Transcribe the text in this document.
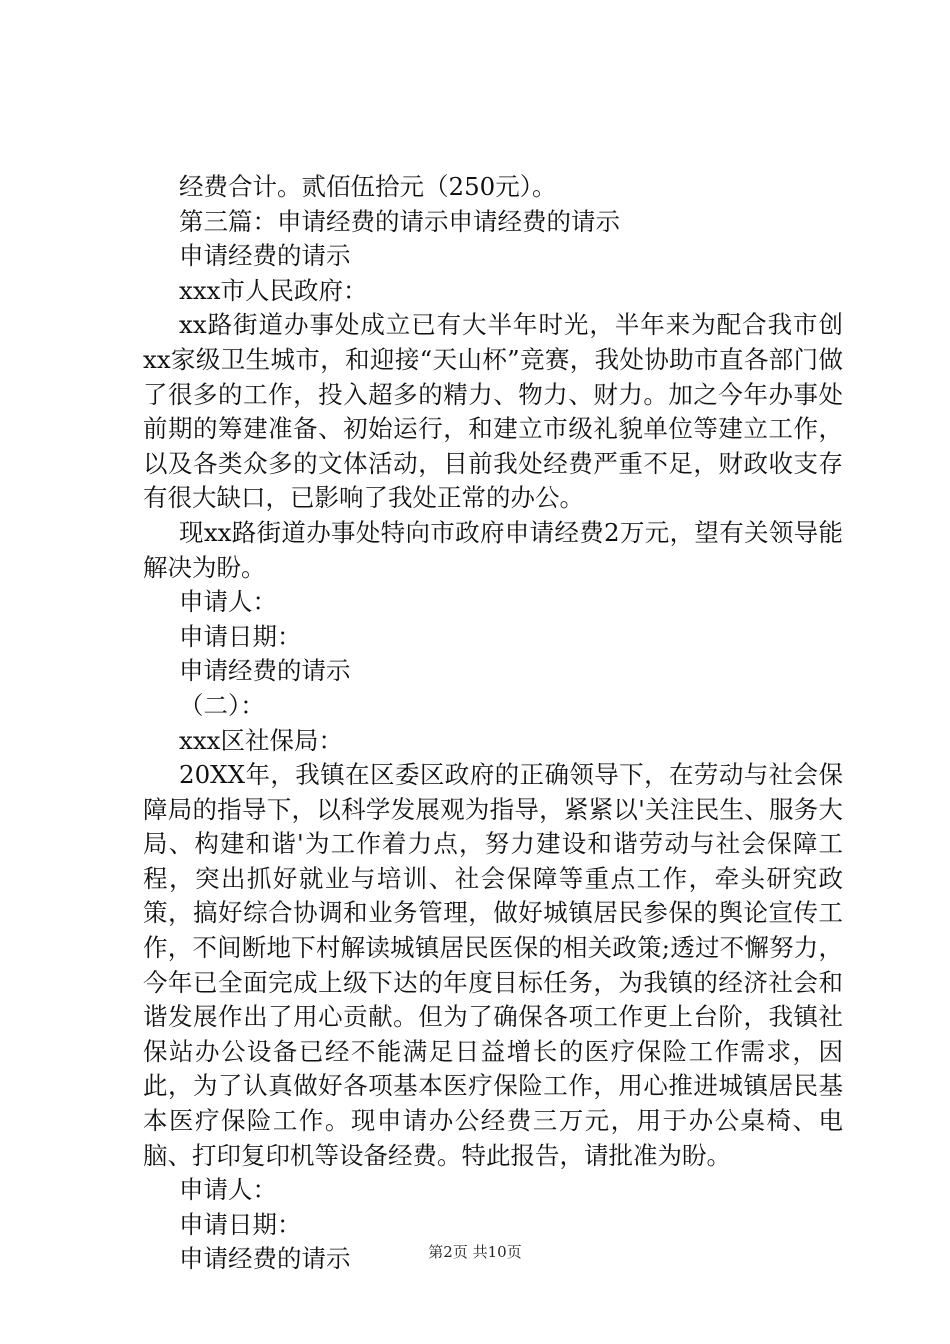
经费合计。贰佰伍拾元（250元）。
第三篇：申请经费的请示申请经费的请示
申请经费的请示
xxx市人民政府：
xx路街道办事处成立已有大半年时光，半年来为配合我市创xx家级卫生城市，和迎接“天山杯”竞赛，我处协助市直各部门做了很多的工作，投入超多的精力、物力、财力。加之今年办事处前期的筹建准备、初始运行，和建立市级礼貌单位等建立工作，以及各类众多的文体活动，目前我处经费严重不足，财政收支存有很大缺口，已影响了我处正常的办公。
现xx路街道办事处特向市政府申请经费2万元，望有关领导能解决为盼。
申请人：
申请日期：
申请经费的请示
（二）：
xxx区社保局：
20XX年，我镇在区委区政府的正确领导下，在劳动与社会保障局的指导下，以科学发展观为指导，紧紧以'关注民生、服务大局、构建和谐'为工作着力点，努力建设和谐劳动与社会保障工程，突出抓好就业与培训、社会保障等重点工作，牵头研究政策，搞好综合协调和业务管理，做好城镇居民参保的舆论宣传工作，不间断地下村解读城镇居民医保的相关政策;透过不懈努力，今年已全面完成上级下达的年度目标任务，为我镇的经济社会和谐发展作出了用心贡献。但为了确保各项工作更上台阶，我镇社保站办公设备已经不能满足日益增长的医疗保险工作需求，因此，为了认真做好各项基本医疗保险工作，用心推进城镇居民基本医疗保险工作。现申请办公经费三万元，用于办公桌椅、电脑、打印复印机等设备经费。特此报告，请批准为盼。
申请人：
申请日期：
申请经费的请示	第2页 共10页
